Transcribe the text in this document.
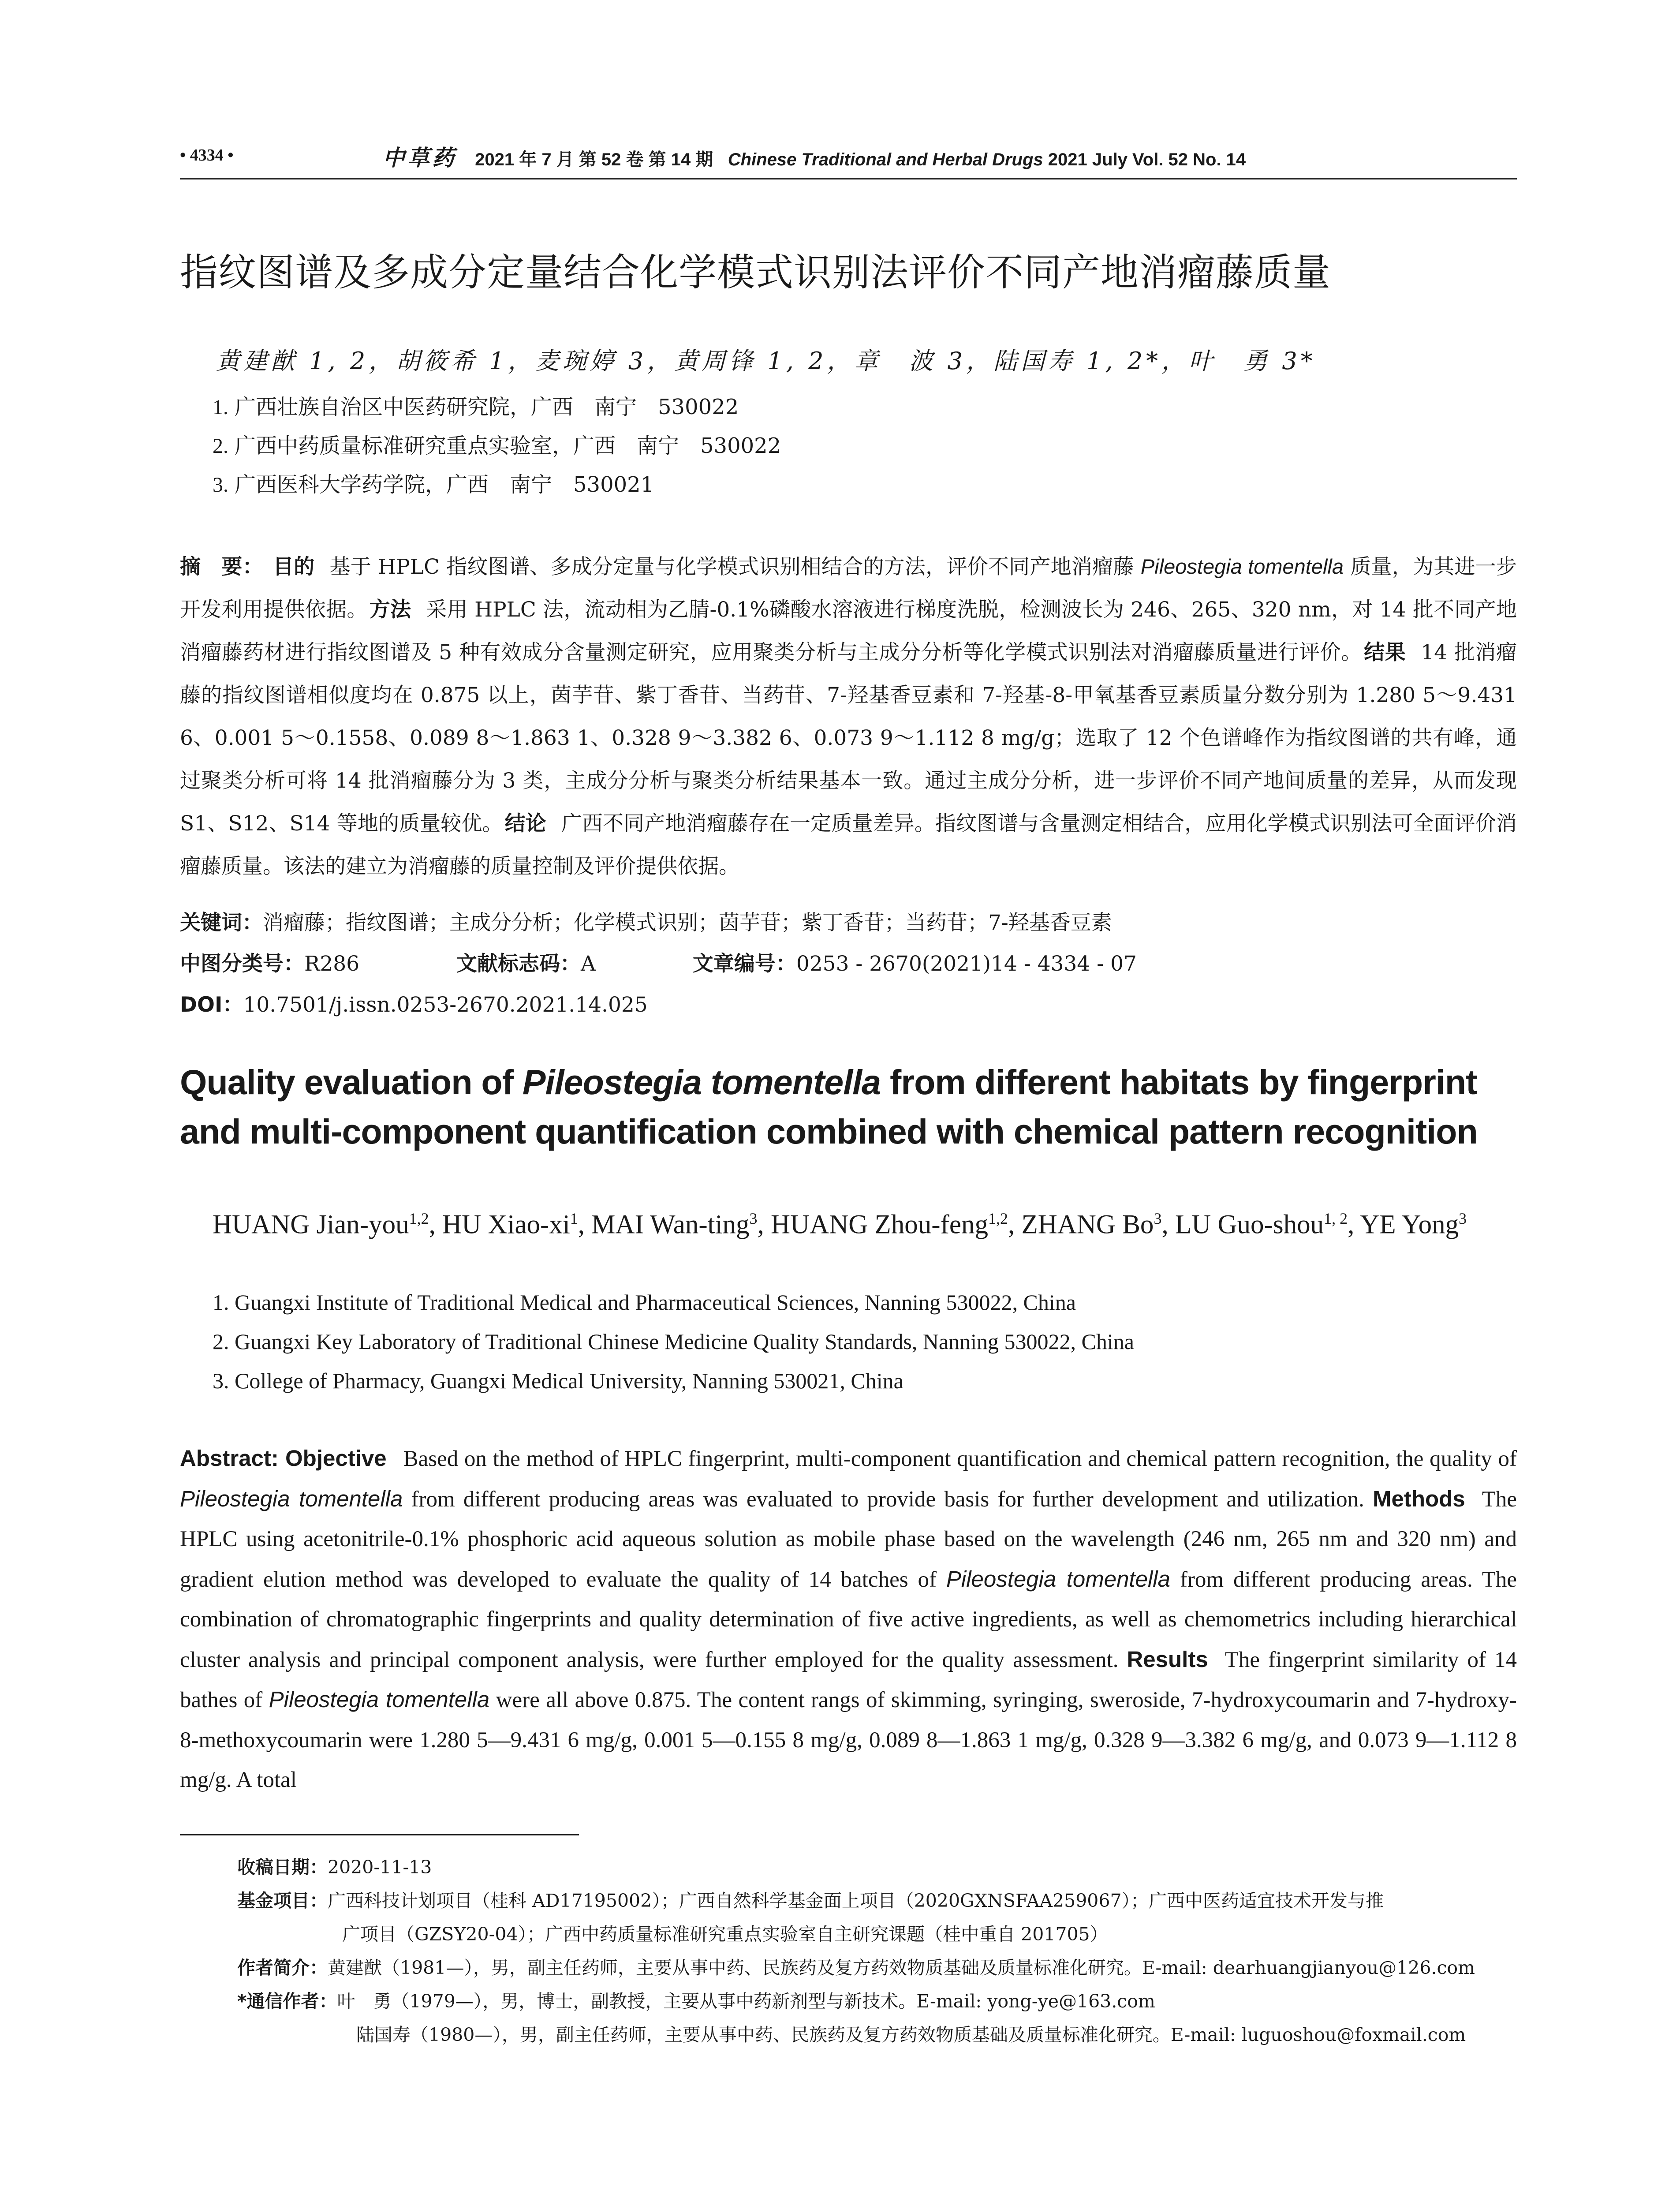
• 4334 •	中草药 2021 年 7 月 第 52 卷 第 14 期 Chinese Traditional and Herbal Drugs 2021 July Vol. 52 No. 14
指纹图谱及多成分定量结合化学模式识别法评价不同产地消瘤藤质量
黄建猷 1, 2，胡筱希 1，麦琬婷 3，黄周锋 1, 2，章　波 3，陆国寿 1, 2*，叶　勇 3*
1. 广西壮族自治区中医药研究院，广西　南宁　530022
2. 广西中药质量标准研究重点实验室，广西　南宁　530022
3. 广西医科大学药学院，广西　南宁　530021
摘　要： 目的 基于 HPLC 指纹图谱、多成分定量与化学模式识别相结合的方法，评价不同产地消瘤藤 Pileostegia tomentella 质量，为其进一步开发利用提供依据。方法 采用 HPLC 法，流动相为乙腈-0.1%磷酸水溶液进行梯度洗脱，检测波长为 246、265、320 nm，对 14 批不同产地消瘤藤药材进行指纹图谱及 5 种有效成分含量测定研究，应用聚类分析与主成分分析等化学模式识别法对消瘤藤质量进行评价。结果 14 批消瘤藤的指纹图谱相似度均在 0.875 以上，茵芋苷、紫丁香苷、当药苷、7-羟基香豆素和 7-羟基-8-甲氧基香豆素质量分数分别为 1.280 5～9.431 6、0.001 5～0.1558、0.089 8～1.863 1、0.328 9～3.382 6、0.073 9～1.112 8 mg/g；选取了 12 个色谱峰作为指纹图谱的共有峰，通过聚类分析可将 14 批消瘤藤分为 3 类，主成分分析与聚类分析结果基本一致。通过主成分分析，进一步评价不同产地间质量的差异，从而发现 S1、S12、S14 等地的质量较优。结论 广西不同产地消瘤藤存在一定质量差异。指纹图谱与含量测定相结合，应用化学模式识别法可全面评价消瘤藤质量。该法的建立为消瘤藤的质量控制及评价提供依据。
关键词：消瘤藤；指纹图谱；主成分分析；化学模式识别；茵芋苷；紫丁香苷；当药苷；7-羟基香豆素
中图分类号：R286	文献标志码：A	文章编号：0253 - 2670(2021)14 - 4334 - 07
DOI：10.7501/j.issn.0253-2670.2021.14.025
Quality evaluation of Pileostegia tomentella from different habitats by fingerprint and multi-component quantification combined with chemical pattern recognition
HUANG Jian-you$^{1,2}$, HU Xiao-$xi^1$, MAI Wan-ting$^3$, HUANG Zhou-feng$^{1,2}$, ZHANG Bo$^3$, LU Guo-shou$^{1, 2}$, YE Yong$^3$
1. Guangxi Institute of Traditional Medical and Pharmaceutical Sciences, Nanning 530022, China
2. Guangxi Key Laboratory of Traditional Chinese Medicine Quality Standards, Nanning 530022, China
3. College of Pharmacy, Guangxi Medical University, Nanning 530021, China
Abstract: Objective Based on the method of HPLC fingerprint, multi-component quantification and chemical pattern recognition, the quality of Pileostegia tomentella from different producing areas was evaluated to provide basis for further development and utilization. Methods The HPLC using acetonitrile-0.1% phosphoric acid aqueous solution as mobile phase based on the wavelength (246 nm, 265 nm and 320 nm) and gradient elution method was developed to evaluate the quality of 14 batches of Pileostegia tomentella from different producing areas. The combination of chromatographic fingerprints and quality determination of five active ingredients, as well as chemometrics including hierarchical cluster analysis and principal component analysis, were further employed for the quality assessment. Results The fingerprint similarity of 14 bathes of Pileostegia tomentella were all above 0.875. The content rangs of skimming, syringing, sweroside, 7-hydroxycoumarin and 7-hydroxy-8-methoxycoumarin were 1.280 5—9.431 6 mg/g, 0.001 5—0.155 8 mg/g, 0.089 8—1.863 1 mg/g, 0.328 9—3.382 6 mg/g, and 0.073 9—1.112 8 mg/g. A total
收稿日期：2020-11-13
基金项目：广西科技计划项目（桂科 AD17195002）；广西自然科学基金面上项目（2020GXNSFAA259067）；广西中医药适宜技术开发与推
广项目（GZSY20-04）；广西中药质量标准研究重点实验室自主研究课题（桂中重自 201705）
作者简介：黄建猷（1981—），男，副主任药师，主要从事中药、民族药及复方药效物质基础及质量标准化研究。E-mail: dearhuangjianyou@126.com
*通信作者：叶　勇（1979—），男，博士，副教授，主要从事中药新剂型与新技术。E-mail: yong-ye@163.com
陆国寿（1980—），男，副主任药师，主要从事中药、民族药及复方药效物质基础及质量标准化研究。E-mail: luguoshou@foxmail.com
